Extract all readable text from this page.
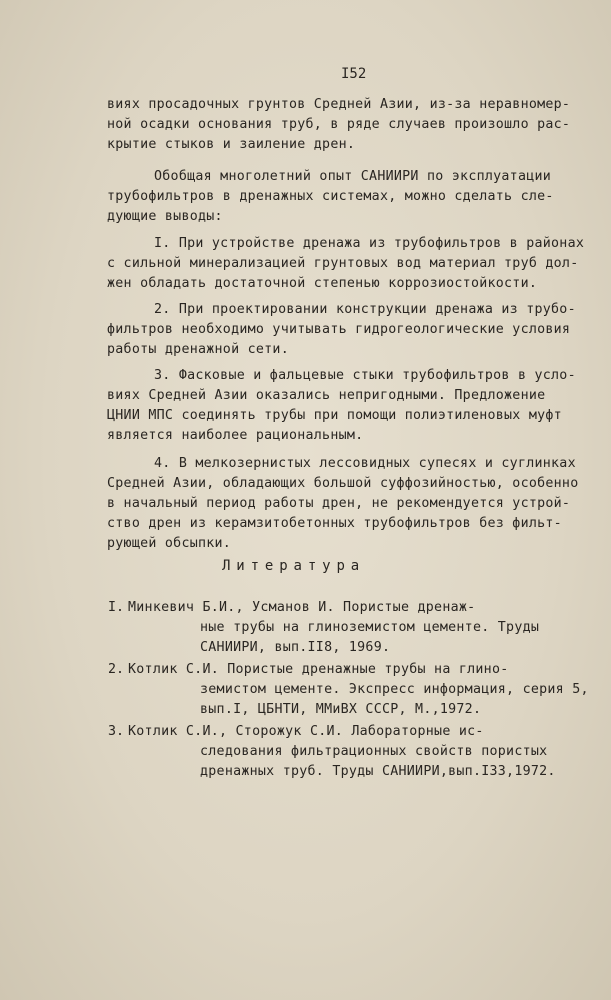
I52
виях просадочных грунтов Средней Азии, из-за неравномер-
ной осадки основания труб, в ряде случаев произошло рас-
крытие стыков и заиление дрен.
Обобщая многолетний опыт САНИИРИ по эксплуатации
трубофильтров в дренажных системах, можно сделать сле-
дующие выводы:
I. При устройстве дренажа из трубофильтров в районах
с сильной минерализацией грунтовых вод материал труб дол-
жен обладать достаточной степенью коррозиостойкости.
2. При проектировании конструкции дренажа из трубо-
фильтров необходимо учитывать гидрогеологические условия
работы дренажной сети.
3. Фасковые и фальцевые стыки трубофильтров в усло-
виях Средней Азии оказались непригодными. Предложение
ЦНИИ МПС соединять трубы при помощи полиэтиленовых муфт
является наиболее рациональным.
4. В мелкозернистых лессовидных супесях и суглинках
Средней Азии, обладающих большой суффозийностью, особенно
в начальный период работы дрен, не рекомендуется устрой-
ство дрен из керамзитобетонных трубофильтров без фильт-
рующей обсыпки.
Литература
I. Минкевич Б.И., Усманов И. Пористые дренаж-
ные трубы на глиноземистом цементе. Труды
САНИИРИ, вып.II8, 1969.
2. Котлик С.И. Пористые дренажные трубы на глино-
земистом цементе. Экспресс информация, серия 5,
вып.I, ЦБНТИ, ММиВХ СССР, М.,1972.
3. Котлик С.И., Сторожук С.И. Лабораторные ис-
следования фильтрационных свойств пористых
дренажных труб. Труды САНИИРИ,вып.I33,1972.
